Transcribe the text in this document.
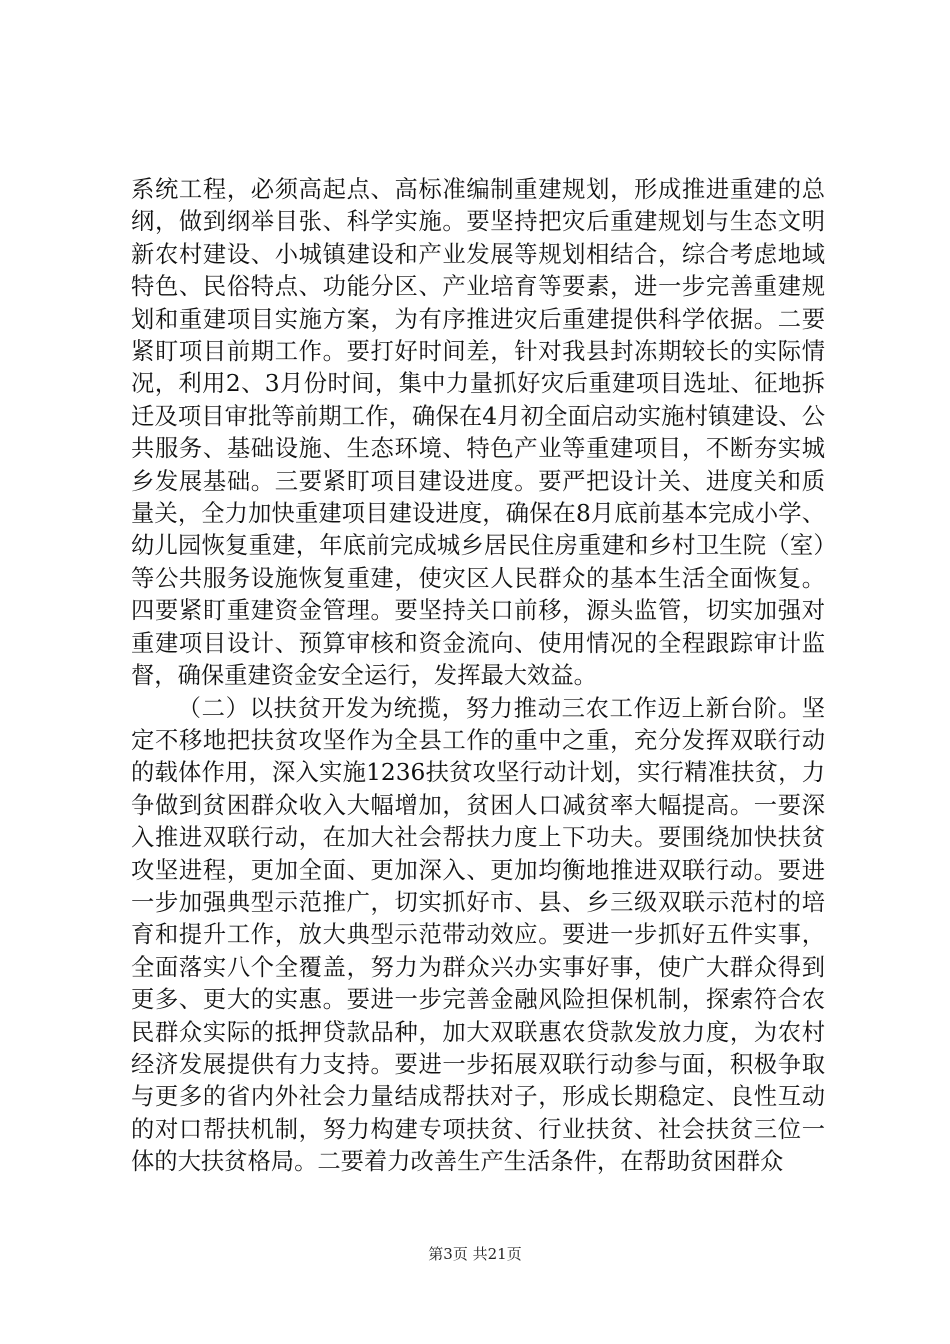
系统工程，必须高起点、高标准编制重建规划，形成推进重建的总纲，做到纲举目张、科学实施。要坚持把灾后重建规划与生态文明新农村建设、小城镇建设和产业发展等规划相结合，综合考虑地域特色、民俗特点、功能分区、产业培育等要素，进一步完善重建规划和重建项目实施方案，为有序推进灾后重建提供科学依据。二要紧盯项目前期工作。要打好时间差，针对我县封冻期较长的实际情况，利用2、3月份时间，集中力量抓好灾后重建项目选址、征地拆迁及项目审批等前期工作，确保在4月初全面启动实施村镇建设、公共服务、基础设施、生态环境、特色产业等重建项目，不断夯实城乡发展基础。三要紧盯项目建设进度。要严把设计关、进度关和质量关，全力加快重建项目建设进度，确保在8月底前基本完成小学、幼儿园恢复重建，年底前完成城乡居民住房重建和乡村卫生院（室）等公共服务设施恢复重建，使灾区人民群众的基本生活全面恢复。四要紧盯重建资金管理。要坚持关口前移，源头监管，切实加强对重建项目设计、预算审核和资金流向、使用情况的全程跟踪审计监督，确保重建资金安全运行，发挥最大效益。

（二）以扶贫开发为统揽，努力推动三农工作迈上新台阶。坚定不移地把扶贫攻坚作为全县工作的重中之重，充分发挥双联行动的载体作用，深入实施1236扶贫攻坚行动计划，实行精准扶贫，力争做到贫困群众收入大幅增加，贫困人口减贫率大幅提高。一要深入推进双联行动，在加大社会帮扶力度上下功夫。要围绕加快扶贫攻坚进程，更加全面、更加深入、更加均衡地推进双联行动。要进一步加强典型示范推广，切实抓好市、县、乡三级双联示范村的培育和提升工作，放大典型示范带动效应。要进一步抓好五件实事，全面落实八个全覆盖，努力为群众兴办实事好事，使广大群众得到更多、更大的实惠。要进一步完善金融风险担保机制，探索符合农民群众实际的抵押贷款品种，加大双联惠农贷款发放力度，为农村经济发展提供有力支持。要进一步拓展双联行动参与面，积极争取与更多的省内外社会力量结成帮扶对子，形成长期稳定、良性互动的对口帮扶机制，努力构建专项扶贫、行业扶贫、社会扶贫三位一体的大扶贫格局。二要着力改善生产生活条件，在帮助贫困群众

第3页 共21页
